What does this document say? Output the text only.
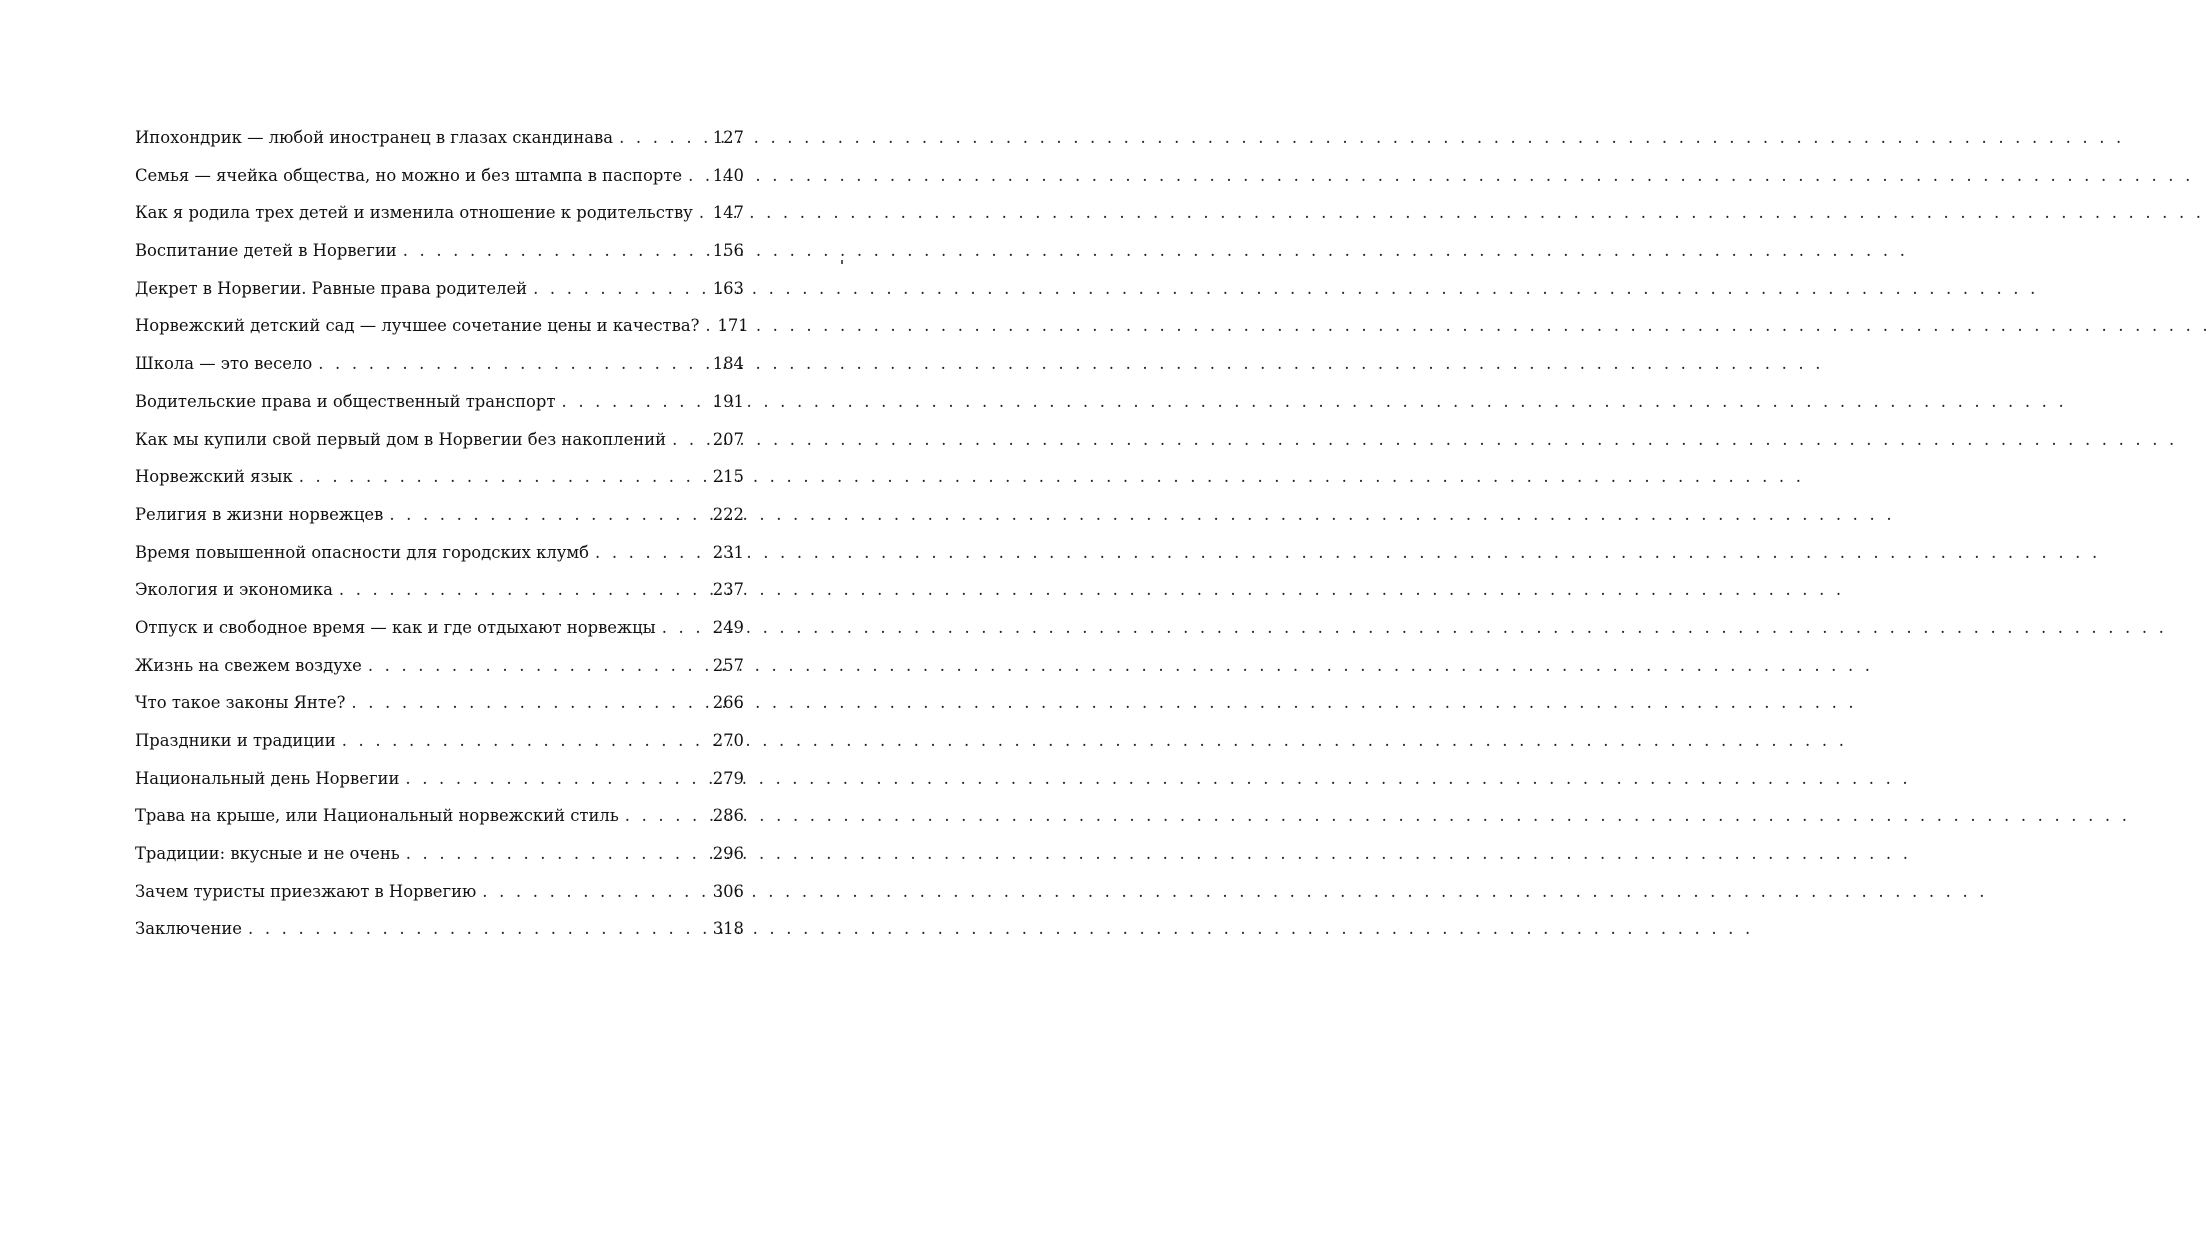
Ипохондрик — любой иностранец в глазах скандинава . . .	127
Семья — ячейка общества, но можно и без штампа в паспорте . . . 140
Как я родила трех детей и изменила отношение к родительству . . . 147
Воспитание детей в Норвегии . . .	156
Декрет в Норвегии. Равные права родителей . . .	163
Норвежский детский сад — лучшее сочетание цены и качества? . . . 171
Школа — это весело . . .	184
Водительские права и общественный транспорт . . .	191
Как мы купили свой первый дом в Норвегии без накоплений . . .	207
Норвежский язык . . .	215
Религия в жизни норвежцев . . .	222
Время повышенной опасности для городских клумб . . .	231
Экология и экономика . . .	237
Отпуск и свободное время — как и где отдыхают норвежцы . . .	249
Жизнь на свежем воздухе . . .	257
Что такое законы Янте? . . .	266
Праздники и традиции . . .	270
Национальный день Норвегии . . .	279
Трава на крыше, или Национальный норвежский стиль . . .	286
Традиции: вкусные и не очень . . .	296
Зачем туристы приезжают в Норвегию . . .	306
Заключение . . .	318
